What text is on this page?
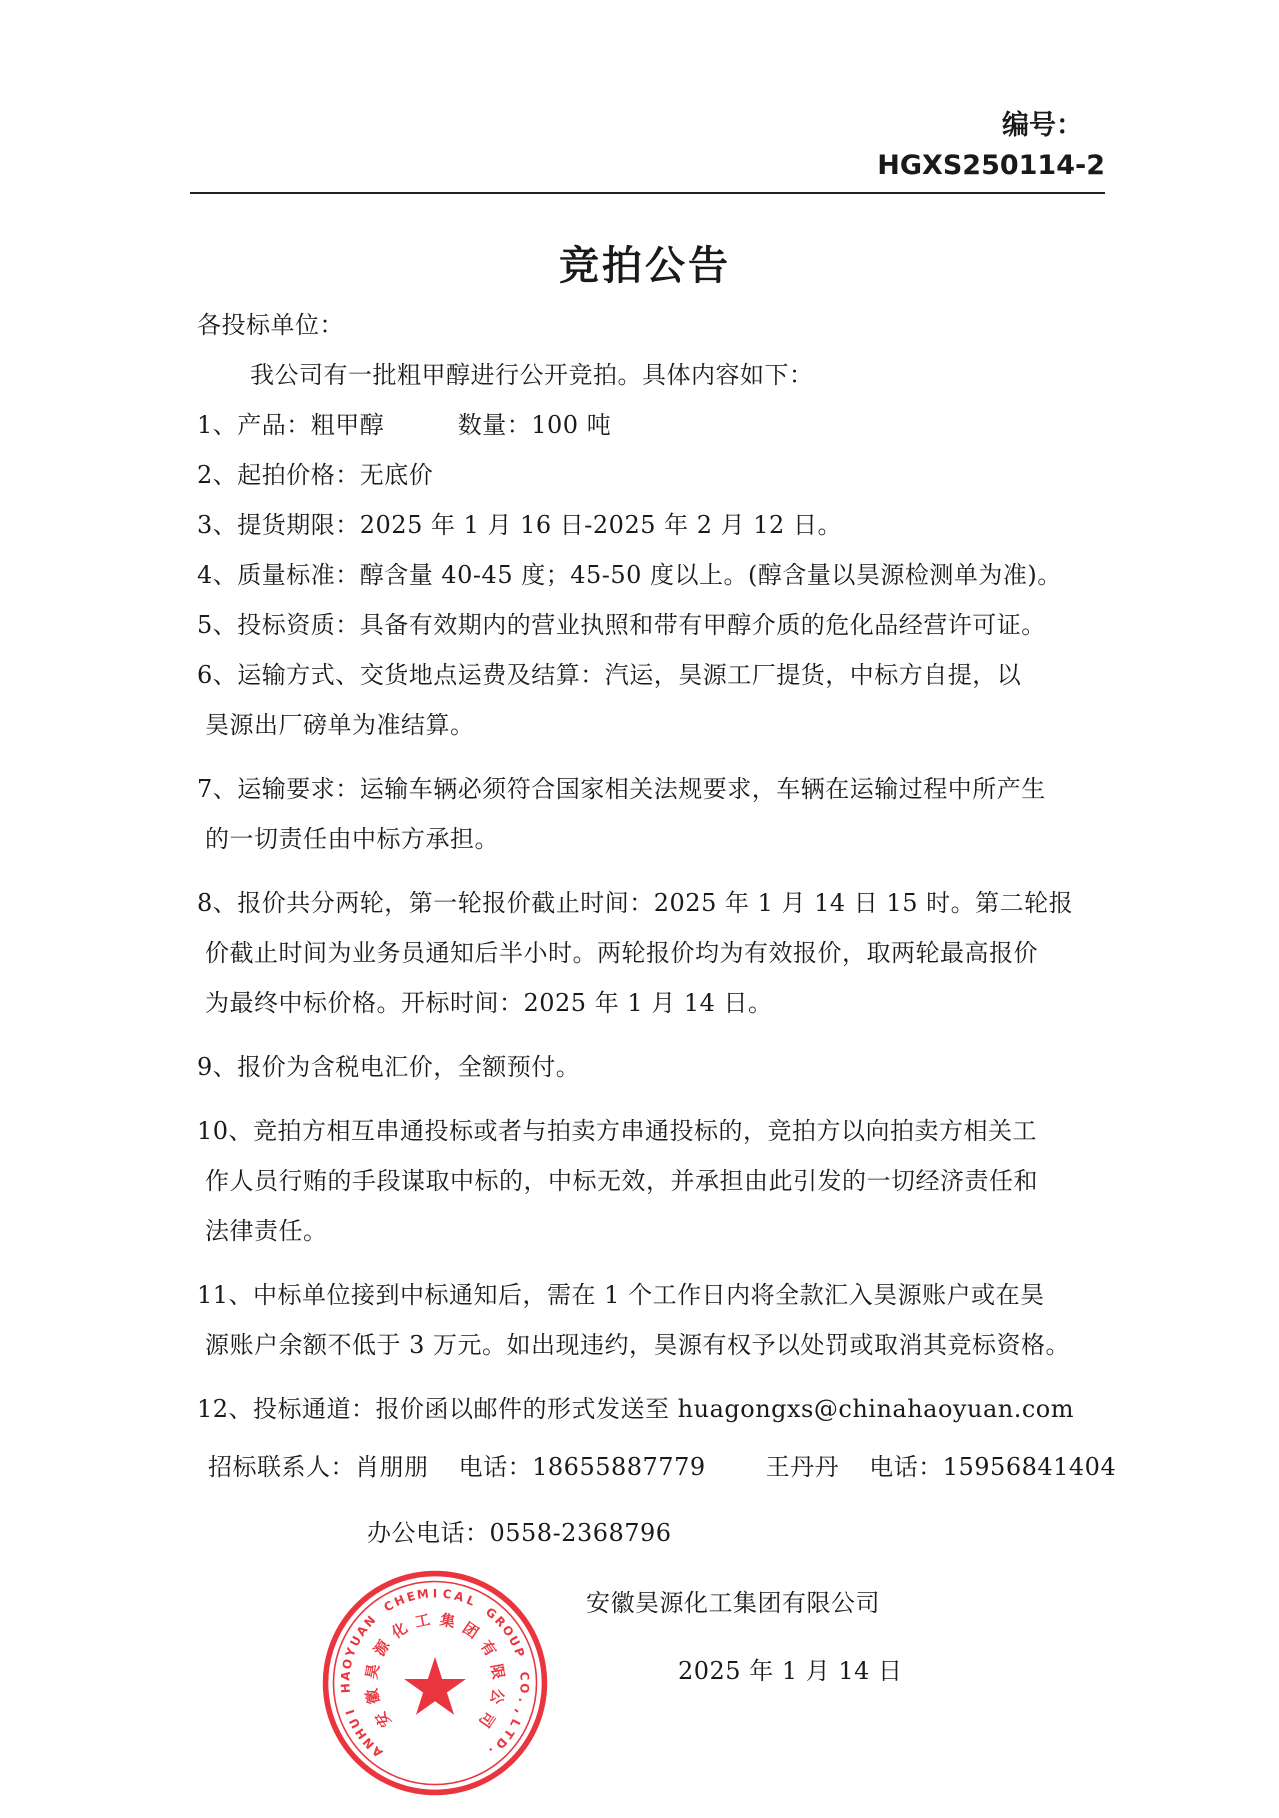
编号：HGXS250114-2
竞拍公告
各投标单位：
我公司有一批粗甲醇进行公开竞拍。具体内容如下：
1、产品：粗甲醇　　　数量：100 吨
2、起拍价格：无底价
3、提货期限：2025 年 1 月 16 日-2025 年 2 月 12 日。
4、质量标准：醇含量 40-45 度；45-50 度以上。(醇含量以昊源检测单为准)。
5、投标资质：具备有效期内的营业执照和带有甲醇介质的危化品经营许可证。
6、运输方式、交货地点运费及结算：汽运，昊源工厂提货，中标方自提，以
昊源出厂磅单为准结算。
7、运输要求：运输车辆必须符合国家相关法规要求，车辆在运输过程中所产生
的一切责任由中标方承担。
8、报价共分两轮，第一轮报价截止时间：2025 年 1 月 14 日 15 时。第二轮报
价截止时间为业务员通知后半小时。两轮报价均为有效报价，取两轮最高报价
为最终中标价格。开标时间：2025 年 1 月 14 日。
9、报价为含税电汇价，全额预付。
10、竞拍方相互串通投标或者与拍卖方串通投标的，竞拍方以向拍卖方相关工
作人员行贿的手段谋取中标的，中标无效，并承担由此引发的一切经济责任和
法律责任。
11、中标单位接到中标通知后，需在 1 个工作日内将全款汇入昊源账户或在昊
源账户余额不低于 3 万元。如出现违约，昊源有权予以处罚或取消其竞标资格。
12、投标通道：报价函以邮件的形式发送至 huagongxs@chinahaoyuan.com
招标联系人：肖朋朋 电话：18655887779	王丹丹 电话：15956841404
办公电话：0558-2368796
A
N
H
U
I
H
A
O
Y
U
A
N
C
H
E M I C A
L
G
R
O
U
P
C
O
.
,
L
T
D
.
安
徽
昊
源
化 工 集 团
有
限
公
司
安徽昊源化工集团有限公司
2025 年 1 月 14 日
